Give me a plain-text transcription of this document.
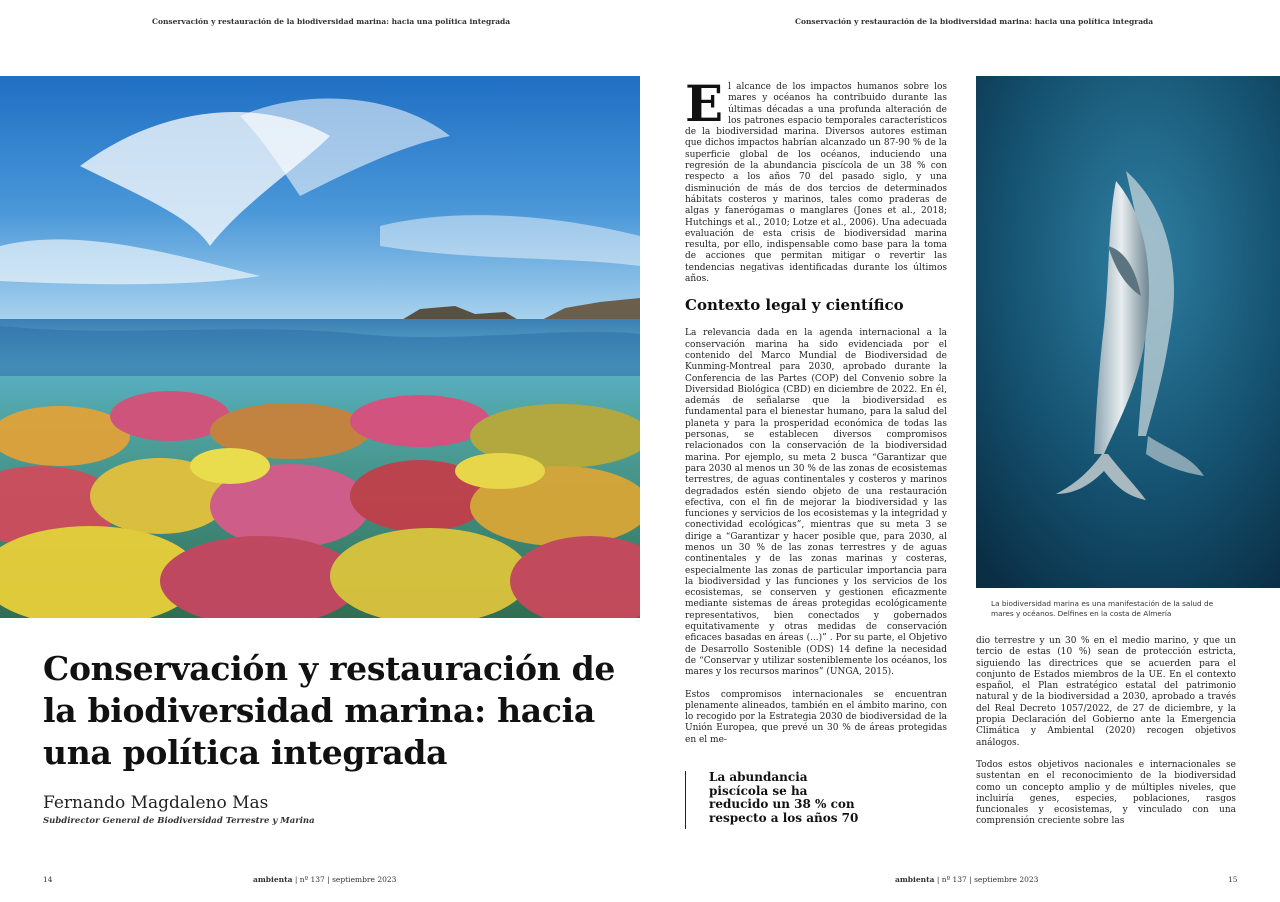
Conservación y restauración de la biodiversidad marina: hacia una política integrada	Conservación y restauración de la biodiversidad marina: hacia una política integrada
Conservación y restauración de la biodiversidad marina: hacia una política integrada
Fernando Magdaleno Mas
Subdirector General de Biodiversidad Terrestre y Marina

El alcance de los impactos humanos sobre los mares y océanos ha contribuido durante las últimas décadas a una profunda alteración de los patrones espacio temporales característicos de la biodiversidad marina. Diversos autores estiman que dichos impactos habrían alcanzado un 87-90 % de la superficie global de los océanos, induciendo una regresión de la abundancia piscícola de un 38 % con respecto a los años 70 del pasado siglo, y una disminución de más de dos tercios de determinados hábitats costeros y marinos, tales como praderas de algas y fanerógamas o manglares (Jones et al., 2018; Hutchings et al., 2010; Lotze et al., 2006). Una adecuada evaluación de esta crisis de biodiversidad marina resulta, por ello, indispensable como base para la toma de acciones que permitan mitigar o revertir las tendencias negativas identificadas durante los últimos años.

Contexto legal y científico

La relevancia dada en la agenda internacional a la conservación marina ha sido evidenciada por el contenido del Marco Mundial de Biodiversidad de Kunming-Montreal para 2030, aprobado durante la Conferencia de las Partes (COP) del Convenio sobre la Diversidad Biológica (CBD) en diciembre de 2022. En él, además de señalarse que la biodiversidad es fundamental para el bienestar humano, para la salud del planeta y para la prosperidad económica de todas las personas, se establecen diversos compromisos relacionados con la conservación de la biodiversidad marina. Por ejemplo, su meta 2 busca “Garantizar que para 2030 al menos un 30 % de las zonas de ecosistemas terrestres, de aguas continentales y costeros y marinos degradados estén siendo objeto de una restauración efectiva, con el fin de mejorar la biodiversidad y las funciones y servicios de los ecosistemas y la integridad y conectividad ecológicas”, mientras que su meta 3 se dirige a “Garantizar y hacer posible que, para 2030, al menos un 30 % de las zonas terrestres y de aguas continentales y de las zonas marinas y costeras, especialmente las zonas de particular importancia para la biodiversidad y las funciones y los servicios de los ecosistemas, se conserven y gestionen eficazmente mediante sistemas de áreas protegidas ecológicamente representativos, bien conectados y gobernados equitativamente y otras medidas de conservación eficaces basadas en áreas (...)” . Por su parte, el Objetivo de Desarrollo Sostenible (ODS) 14 define la necesidad de “Conservar y utilizar sosteniblemente los océanos, los mares y los recursos marinos” (UNGA, 2015).

Estos compromisos internacionales se encuentran plenamente alineados, también en el ámbito marino, con lo recogido por la Estrategia 2030 de biodiversidad de la Unión Europea, que prevé un 30 % de áreas protegidas en el me-

La abundancia piscícola se ha reducido un 38 % con respecto a los años 70
La biodiversidad marina es una manifestación de la salud de mares y océanos. Delfines en la costa de Almería

dio terrestre y un 30 % en el medio marino, y que un tercio de estas (10 %) sean de protección estricta, siguiendo las directrices que se acuerden para el conjunto de Estados miembros de la UE. En el contexto español, el Plan estratégico estatal del patrimonio natural y de la biodiversidad a 2030, aprobado a través del Real Decreto 1057/2022, de 27 de diciembre, y la propia Declaración del Gobierno ante la Emergencia Climática y Ambiental (2020) recogen objetivos análogos.

Todos estos objetivos nacionales e internacionales se sustentan en el reconocimiento de la biodiversidad como un concepto amplio y de múltiples niveles, que incluiría genes, especies, poblaciones, rasgos funcionales y ecosistemas, y vinculado con una comprensión creciente sobre las

14	ambienta | nº 137 | septiembre 2023	ambienta | nº 137 | septiembre 2023	15
